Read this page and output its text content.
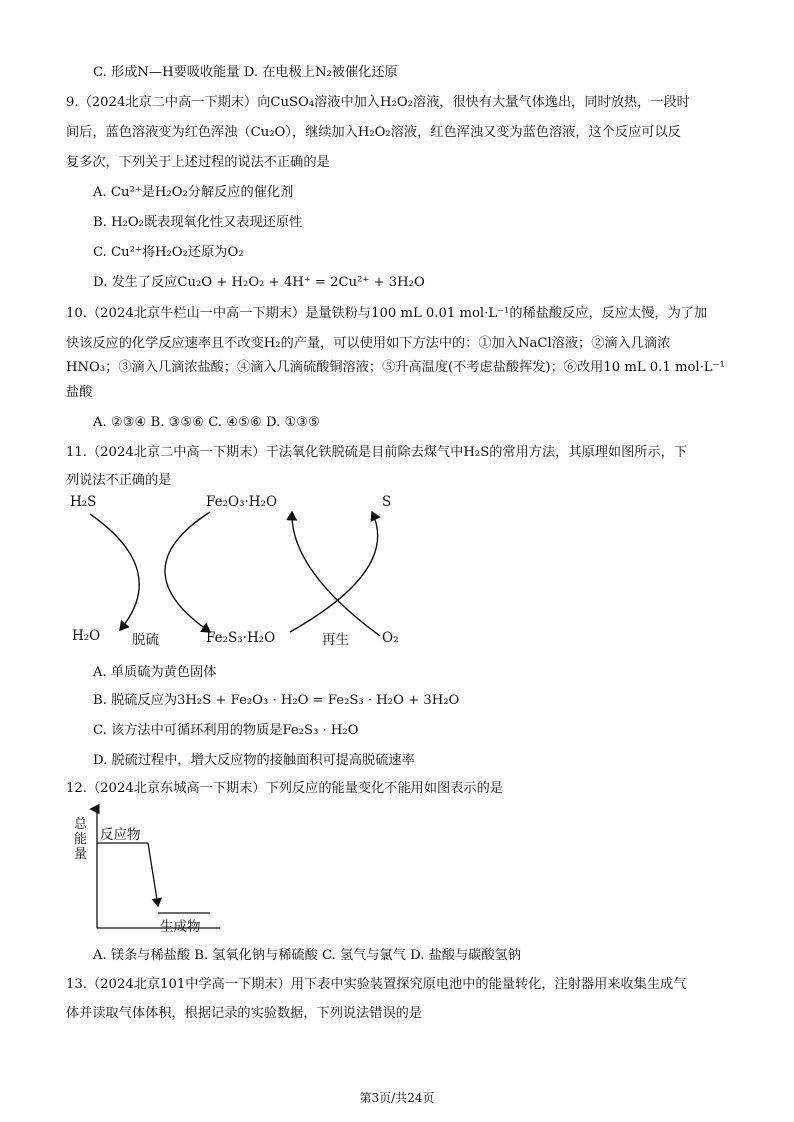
C. 形成N—H要吸收能量 D. 在电极上N₂被催化还原
9.（2024北京二中高一下期末）向CuSO₄溶液中加入H₂O₂溶液，很快有大量气体逸出，同时放热，一段时
间后，蓝色溶液变为红色浑浊（Cu₂O），继续加入H₂O₂溶液，红色浑浊又变为蓝色溶液，这个反应可以反
复多次，下列关于上述过程的说法不正确的是
A. Cu²⁺是H₂O₂分解反应的催化剂
B. H₂O₂既表现氧化性又表现还原性
C. Cu²⁺将H₂O₂还原为O₂
D. 发生了反应Cu₂O + H₂O₂ + 4H⁺ = 2Cu²⁺ + 3H₂O
10.（2024北京牛栏山一中高一下期末）是量铁粉与100 mL 0.01 mol·L⁻¹的稀盐酸反应，反应太慢，为了加
快该反应的化学反应速率且不改变H₂的产量，可以使用如下方法中的：①加入NaCl溶液；②滴入几滴浓
HNO₃；③滴入几滴浓盐酸；④滴入几滴硫酸铜溶液；⑤升高温度(不考虑盐酸挥发)；⑥改用10 mL 0.1 mol·L⁻¹
盐酸
A. ②③④ B. ③⑤⑥ C. ④⑤⑥ D. ①③⑤
11.（2024北京二中高一下期末）干法氧化铁脱硫是目前除去煤气中H₂S的常用方法，其原理如图所示，下
列说法不正确的是
A. 单质硫为黄色固体
B. 脱硫反应为3H₂S + Fe₂O₃ · H₂O = Fe₂S₃ · H₂O + 3H₂O
C. 该方法中可循环利用的物质是Fe₂S₃ · H₂O
D. 脱硫过程中，增大反应物的接触面积可提高脱硫速率
12.（2024北京东城高一下期末）下列反应的能量变化不能用如图表示的是
A. 镁条与稀盐酸 B. 氢氧化钠与稀硫酸 C. 氢气与氯气 D. 盐酸与碳酸氢钠
13.（2024北京101中学高一下期末）用下表中实验装置探究原电池中的能量转化，注射器用来收集生成气
体并读取气体体积，根据记录的实验数据，下列说法错误的是
H₂S	Fe₂O₃·H₂O	S
H₂O 脱硫	Fe₂S₃·H₂O	再生 O₂
总能量
反应物
生成物
第3页/共24页
